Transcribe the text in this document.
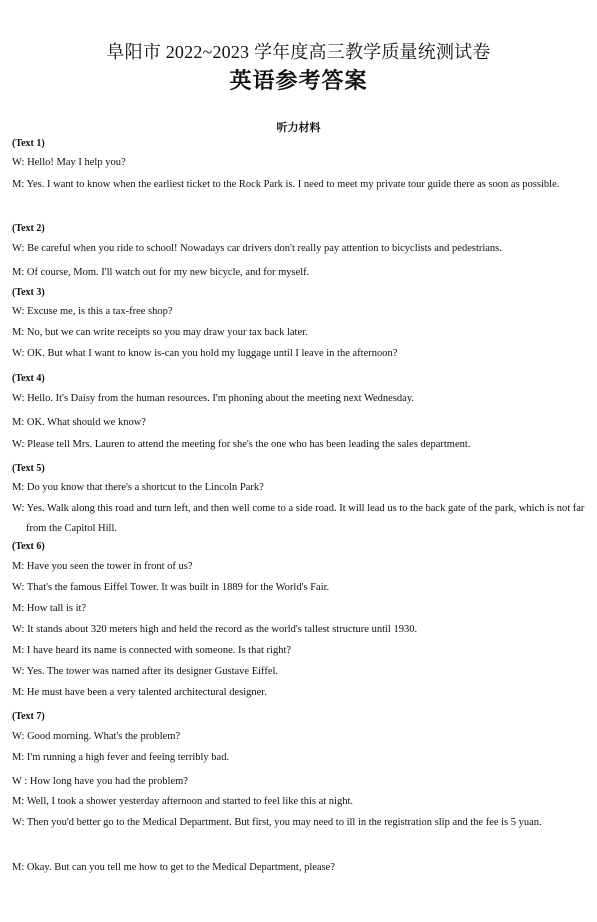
阜阳市 2022~2023 学年度高三教学质量统测试卷
英语参考答案
听力材料
(Text 1)
W: Hello! May I help you?
M: Yes. I want to know when the earliest ticket to the Rock Park is. I need to meet my private tour guide there as soon as possible.
(Text 2)
W: Be careful when you ride to school! Nowadays car drivers don't really pay attention to bicyclists and pedestrians.
M: Of course, Mom. I'll watch out for my new bicycle, and for myself.
(Text 3)
W: Excuse me, is this a tax-free shop?
M: No, but we can write receipts so you may draw your tax back later.
W: OK. But what I want to know is-can you hold my luggage until I leave in the afternoon?
(Text 4)
W: Hello. It's Daisy from the human resources. I'm phoning about the meeting next Wednesday.
M: OK. What should we know?
W: Please tell Mrs. Lauren to attend the meeting for she's the one who has been leading the sales department.
(Text 5)
M: Do you know that there's a shortcut to the Lincoln Park?
W: Yes. Walk along this road and turn left, and then well come to a side road. It will lead us to the back gate of the park, which is not far from the Capitol Hill.
(Text 6)
M: Have you seen the tower in front of us?
W: That's the famous Eiffel Tower. It was built in 1889 for the World's Fair.
M: How tall is it?
W: It stands about 320 meters high and held the record as the world's tallest structure until 1930.
M: I have heard its name is connected with someone. Is that right?
W: Yes. The tower was named after its designer Gustave Eiffel.
M: He must have been a very talented architectural designer.
(Text 7)
W: Good morning. What's the problem?
M: I'm running a high fever and feeing terribly bad.
W : How long have you had the problem?
M: Well, I took a shower yesterday afternoon and started to feel like this at night.
W: Then you'd better go to the Medical Department. But first, you may need to ill in the registration slip and the fee is 5 yuan.
M: Okay. But can you tell me how to get to the Medical Department, please?
